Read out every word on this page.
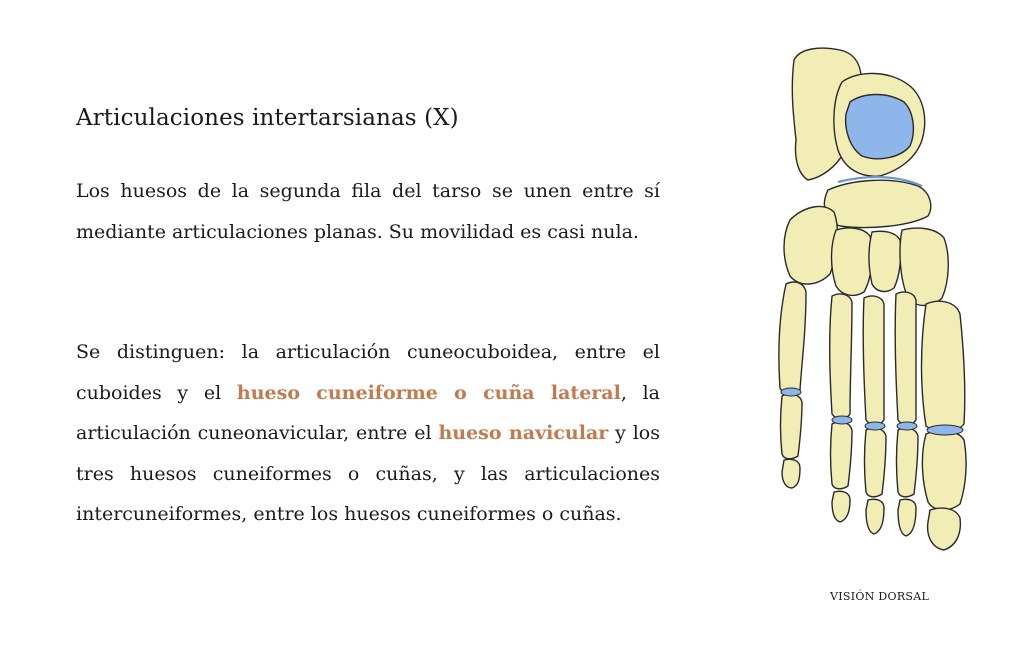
Articulaciones intertarsianas (X)

Los huesos de la segunda fila del tarso se unen entre sí mediante articulaciones planas. Su movilidad es casi nula.

Se distinguen: la articulación cuneocuboidea, entre el cuboides y el hueso cuneiforme o cuña lateral, la articulación cuneonavicular, entre el hueso navicular y los tres huesos cuneiformes o cuñas, y las articulaciones intercuneiformes, entre los huesos cuneiformes o cuñas.

VISIÓN DORSAL
